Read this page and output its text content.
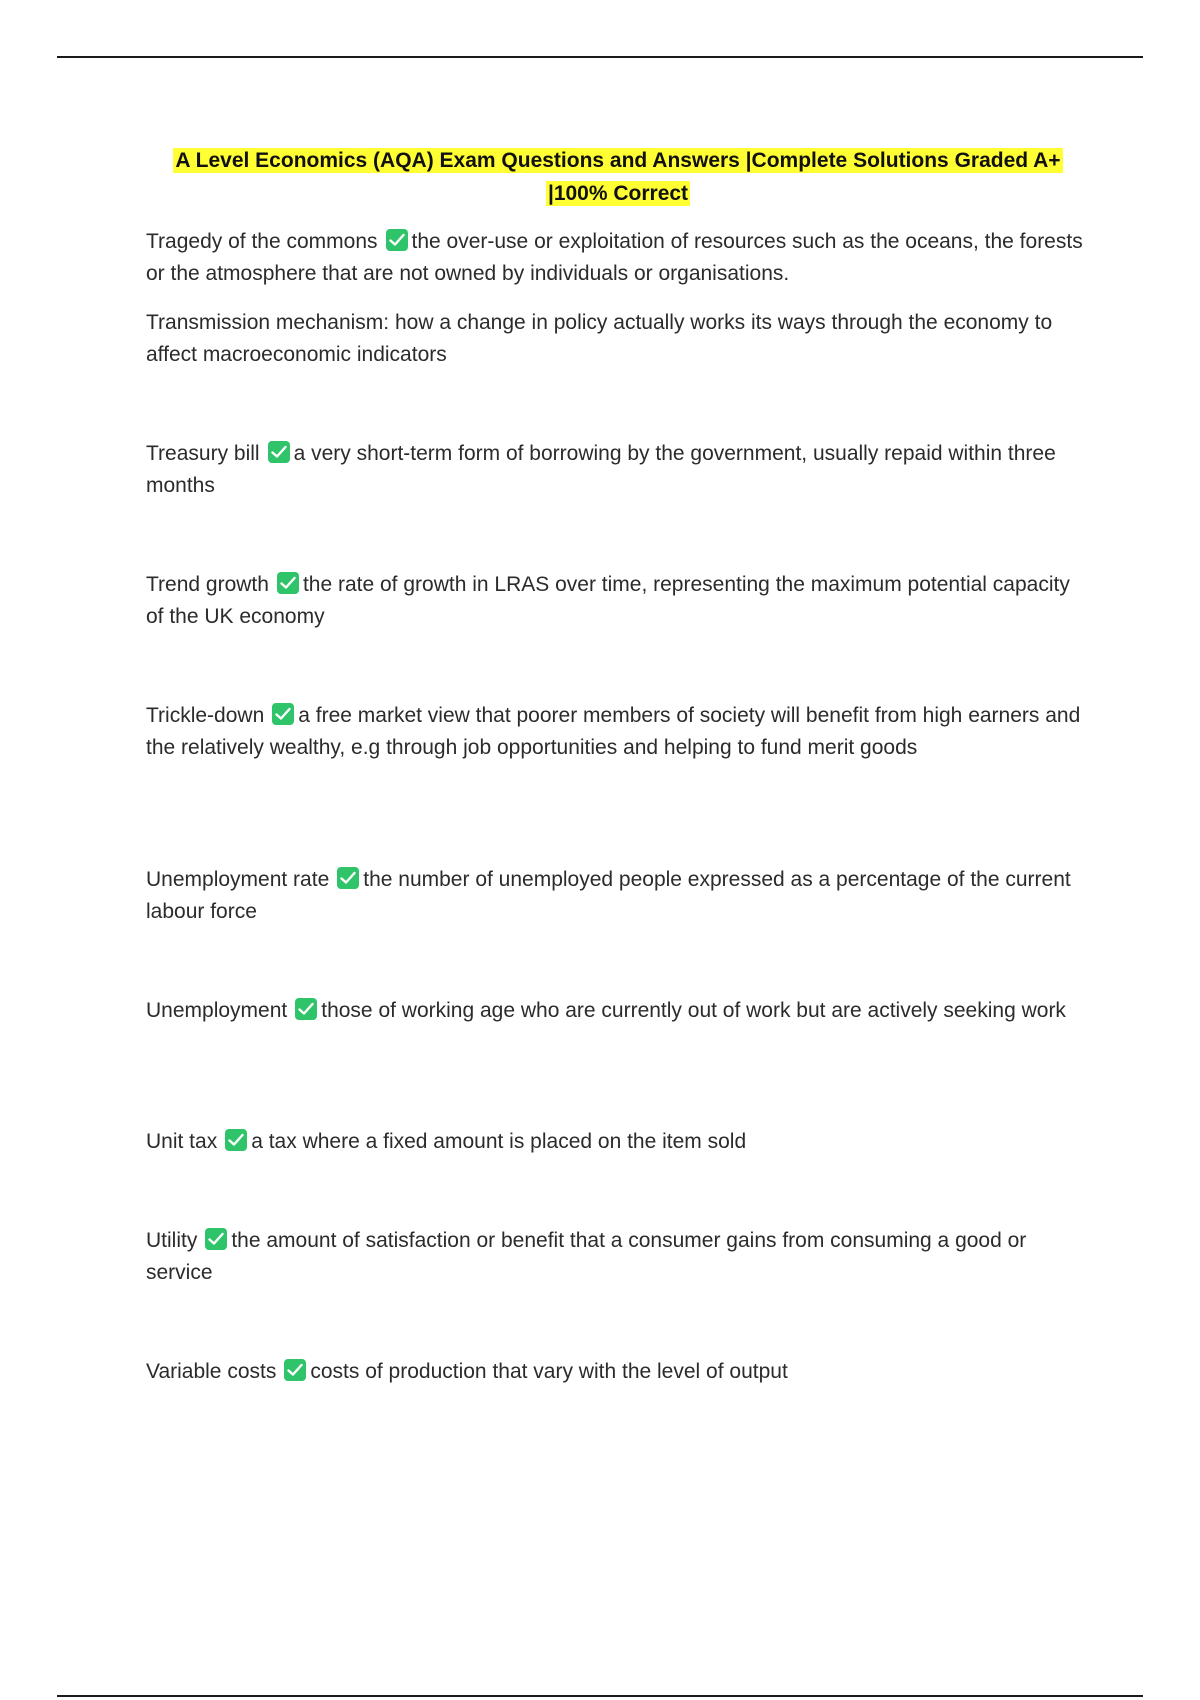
A Level Economics (AQA) Exam Questions and Answers |Complete Solutions Graded A+ |100% Correct
Tragedy of the commons the over-use or exploitation of resources such as the oceans, the forests or the atmosphere that are not owned by individuals or organisations.
Transmission mechanism: how a change in policy actually works its ways through the economy to affect macroeconomic indicators
Treasury bill a very short-term form of borrowing by the government, usually repaid within three months
Trend growth the rate of growth in LRAS over time, representing the maximum potential capacity of the UK economy
Trickle-down a free market view that poorer members of society will benefit from high earners and the relatively wealthy, e.g through job opportunities and helping to fund merit goods
Unemployment rate the number of unemployed people expressed as a percentage of the current labour force
Unemployment those of working age who are currently out of work but are actively seeking work
Unit tax a tax where a fixed amount is placed on the item sold
Utility the amount of satisfaction or benefit that a consumer gains from consuming a good or service
Variable costs costs of production that vary with the level of output
